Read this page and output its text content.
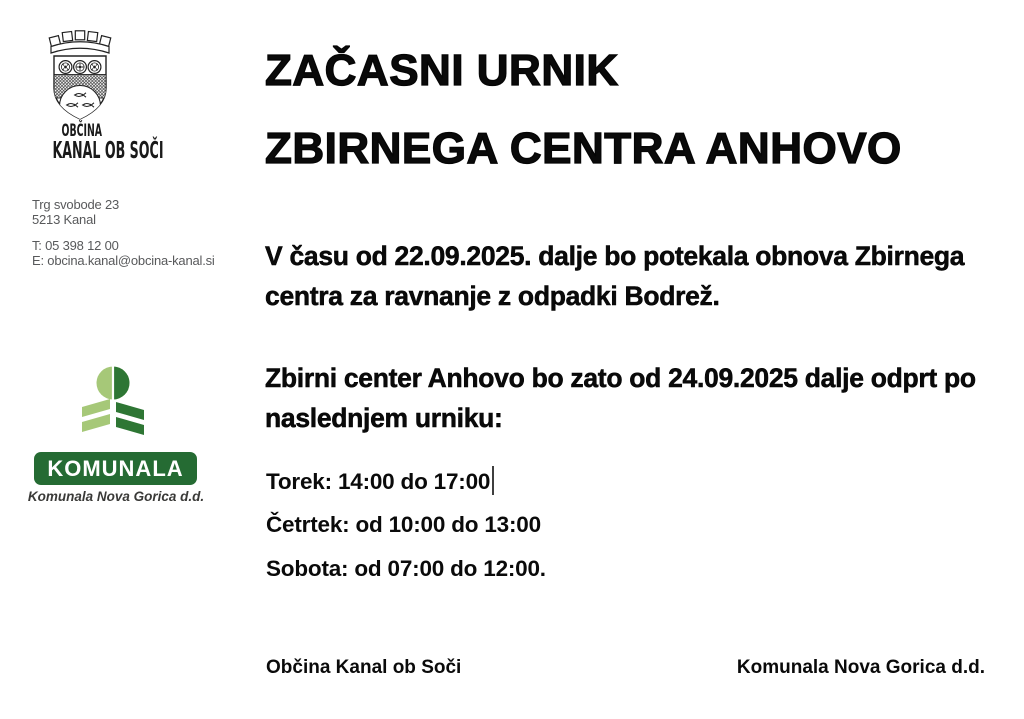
OBČINA
KANAL OB SOČI
Trg svobode 23
5213 Kanal
T: 05 398 12 00
E: obcina.kanal@obcina-kanal.si
KOMUNALA
Komunala Nova Gorica d.d.
ZAČASNI URNIK
ZBIRNEGA CENTRA ANHOVO
V času od 22.09.2025. dalje bo potekala obnova Zbirnega centra za ravnanje z odpadki Bodrež.
Zbirni center Anhovo bo zato od 24.09.2025 dalje odprt po naslednjem urniku:
Torek: 14:00 do 17:00
Četrtek: od 10:00 do 13:00
Sobota: od 07:00 do 12:00.
Občina Kanal ob Soči	Komunala Nova Gorica d.d.
